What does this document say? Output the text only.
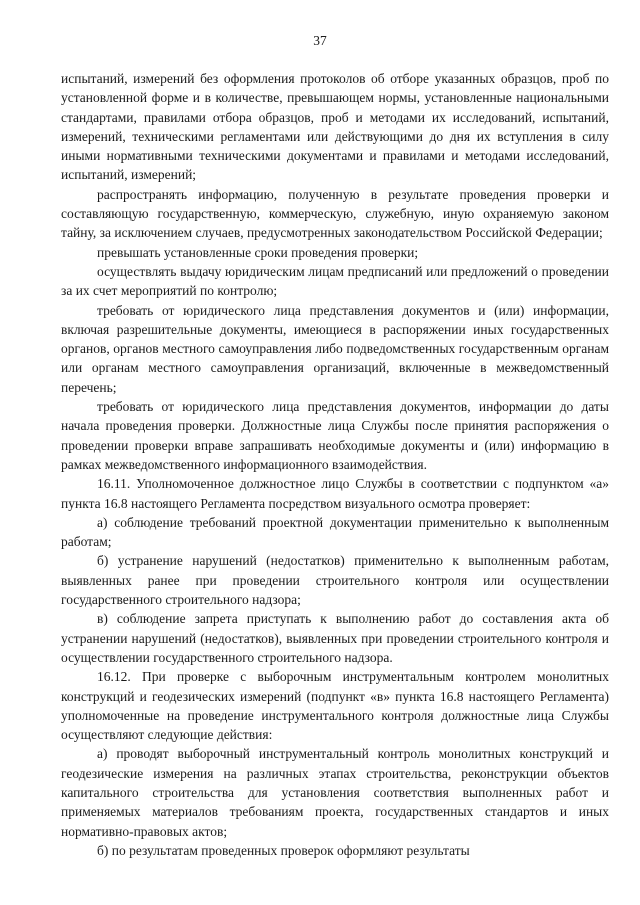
37

испытаний, измерений без оформления протоколов об отборе указанных образцов, проб по установленной форме и в количестве, превышающем нормы, установленные национальными стандартами, правилами отбора образцов, проб и методами их исследований, испытаний, измерений, техническими регламентами или действующими до дня их вступления в силу иными нормативными техническими документами и правилами и методами исследований, испытаний, измерений;

распространять информацию, полученную в результате проведения проверки и составляющую государственную, коммерческую, служебную, иную охраняемую законом тайну, за исключением случаев, предусмотренных законодательством Российской Федерации;

превышать установленные сроки проведения проверки;

осуществлять выдачу юридическим лицам предписаний или предложений о проведении за их счет мероприятий по контролю;

требовать от юридического лица представления документов и (или) информации, включая разрешительные документы, имеющиеся в распоряжении иных государственных органов, органов местного самоуправления либо подведомственных государственным органам или органам местного самоуправления организаций, включенные в межведомственный перечень;

требовать от юридического лица представления документов, информации до даты начала проведения проверки. Должностные лица Службы после принятия распоряжения о проведении проверки вправе запрашивать необходимые документы и (или) информацию в рамках межведомственного информационного взаимодействия.

16.11. Уполномоченное должностное лицо Службы в соответствии с подпунктом «а» пункта 16.8 настоящего Регламента посредством визуального осмотра проверяет:

а) соблюдение требований проектной документации применительно к выполненным работам;

б) устранение нарушений (недостатков) применительно к выполненным работам, выявленных ранее при проведении строительного контроля или осуществлении государственного строительного надзора;

в) соблюдение запрета приступать к выполнению работ до составления акта об устранении нарушений (недостатков), выявленных при проведении строительного контроля и осуществлении государственного строительного надзора.

16.12. При проверке с выборочным инструментальным контролем монолитных конструкций и геодезических измерений (подпункт «в» пункта 16.8 настоящего Регламента) уполномоченные на проведение инструментального контроля должностные лица Службы осуществляют следующие действия:

а) проводят выборочный инструментальный контроль монолитных конструкций и геодезические измерения на различных этапах строительства, реконструкции объектов капитального строительства для установления соответствия выполненных работ и применяемых материалов требованиям проекта, государственных стандартов и иных нормативно-правовых актов;

б) по результатам проведенных проверок оформляют результаты
